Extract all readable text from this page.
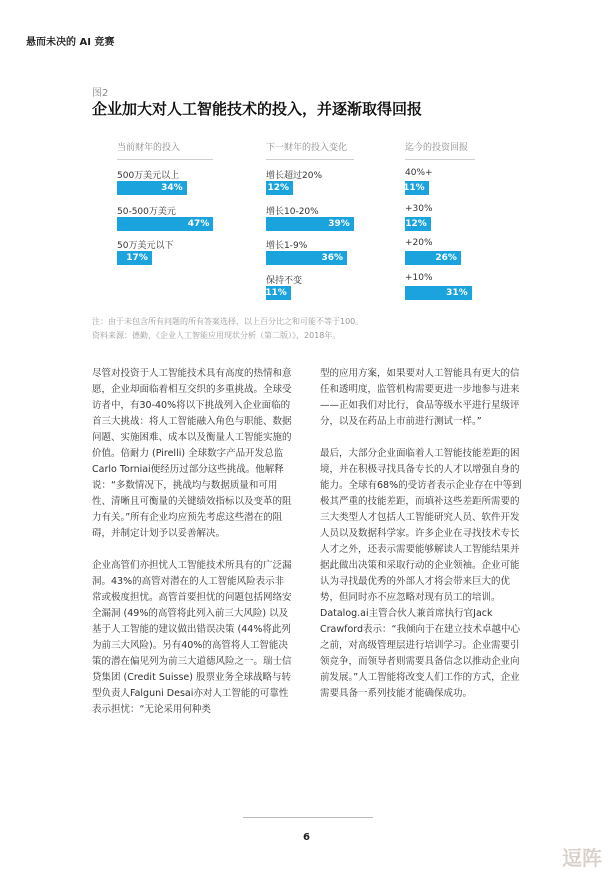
悬而未决的 AI 竞赛
图2
企业加大对人工智能技术的投入，并逐渐取得回报
当前财年的投入
500万美元以上
34%
50-500万美元
47%
50万美元以下
17%
下一财年的投入变化
增长超过20%
12%
增长10-20%
39%
增长1-9%
36%
保持不变
11%
迄今的投资回报
40%+
11%
+30%
12%
+20%
26%
+10%
31%
注：由于未包含所有问题的所有答案选择，以上百分比之和可能不等于100。
资料来源：德勤，《企业人工智能应用现状分析（第二版）》，2018年。

尽管对投资于人工智能技术具有高度的热情和意愿，企业却面临着相互交织的多重挑战。全球受访者中，有30-40%将以下挑战列入企业面临的首三大挑战：将人工智能融入角色与职能、数据问题、实施困难、成本以及衡量人工智能实施的价值。倍耐力 (Pirelli) 全球数字产品开发总监Carlo Torniai便经历过部分这些挑战。他解释说：“多数情况下，挑战均与数据质量和可用性、清晰且可衡量的关键绩效指标以及变革的阻力有关。”所有企业均应预先考虑这些潜在的阻碍，并制定计划予以妥善解决。

企业高管们亦担忧人工智能技术所具有的广泛漏洞。43%的高管对潜在的人工智能风险表示非常或极度担忧。高管首要担忧的问题包括网络安全漏洞 (49%的高管将此列入前三大风险) 以及基于人工智能的建议做出错误决策 (44%将此列为前三大风险)。另有40%的高管将人工智能决策的潜在偏见列为前三大道德风险之一。瑞士信贷集团 (Credit Suisse) 股票业务全球战略与转型负责人Falguni Desai亦对人工智能的可靠性表示担忧：“无论采用何种类

型的应用方案，如果要对人工智能具有更大的信任和透明度，监管机构需要更进一步地参与进来——正如我们对比行，食品等级水平进行星级评分，以及在药品上市前进行测试一样。”

最后，大部分企业面临着人工智能技能差距的困境，并在积极寻找具备专长的人才以增强自身的能力。全球有68%的受访者表示企业存在中等到极其严重的技能差距，而填补这些差距所需要的三大类型人才包括人工智能研究人员、软件开发人员以及数据科学家。许多企业在寻找技术专长人才之外，还表示需要能够解读人工智能结果并据此做出决策和采取行动的企业领袖。企业可能认为寻找最优秀的外部人才将会带来巨大的优势，但同时亦不应忽略对现有员工的培训。Datalog.ai主管合伙人兼首席执行官Jack Crawford表示：“我倾向于在建立技术卓越中心之前，对高级管理层进行培训学习。企业需要引领竞争，而领导者则需要具备信念以推动企业向前发展。”人工智能将改变人们工作的方式，企业需要具备一系列技能才能确保成功。

6
逗阵
